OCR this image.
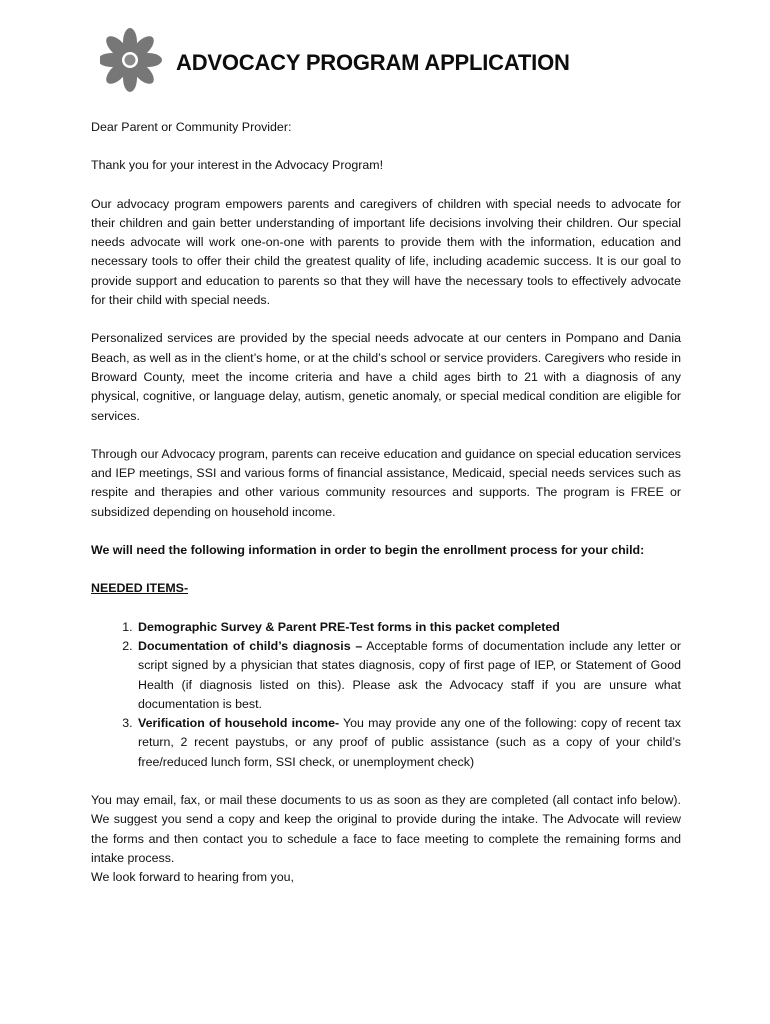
ADVOCACY PROGRAM APPLICATION

Dear Parent or Community Provider:

Thank you for your interest in the Advocacy Program!

Our advocacy program empowers parents and caregivers of children with special needs to advocate for their children and gain better understanding of important life decisions involving their children. Our special needs advocate will work one-on-one with parents to provide them with the information, education and necessary tools to offer their child the greatest quality of life, including academic success. It is our goal to provide support and education to parents so that they will have the necessary tools to effectively advocate for their child with special needs.

Personalized services are provided by the special needs advocate at our centers in Pompano and Dania Beach, as well as in the client’s home, or at the child’s school or service providers. Caregivers who reside in Broward County, meet the income criteria and have a child ages birth to 21 with a diagnosis of any physical, cognitive, or language delay, autism, genetic anomaly, or special medical condition are eligible for services.

Through our Advocacy program, parents can receive education and guidance on special education services and IEP meetings, SSI and various forms of financial assistance, Medicaid, special needs services such as respite and therapies and other various community resources and supports. The program is FREE or subsidized depending on household income.

We will need the following information in order to begin the enrollment process for your child:

NEEDED ITEMS-

1. Demographic Survey & Parent PRE-Test forms in this packet completed
2. Documentation of child’s diagnosis – Acceptable forms of documentation include any letter or script signed by a physician that states diagnosis, copy of first page of IEP, or Statement of Good Health (if diagnosis listed on this). Please ask the Advocacy staff if you are unsure what documentation is best.
3. Verification of household income- You may provide any one of the following: copy of recent tax return, 2 recent paystubs, or any proof of public assistance (such as a copy of your child’s free/reduced lunch form, SSI check, or unemployment check)

You may email, fax, or mail these documents to us as soon as they are completed (all contact info below). We suggest you send a copy and keep the original to provide during the intake. The Advocate will review the forms and then contact you to schedule a face to face meeting to complete the remaining forms and intake process.

We look forward to hearing from you,
